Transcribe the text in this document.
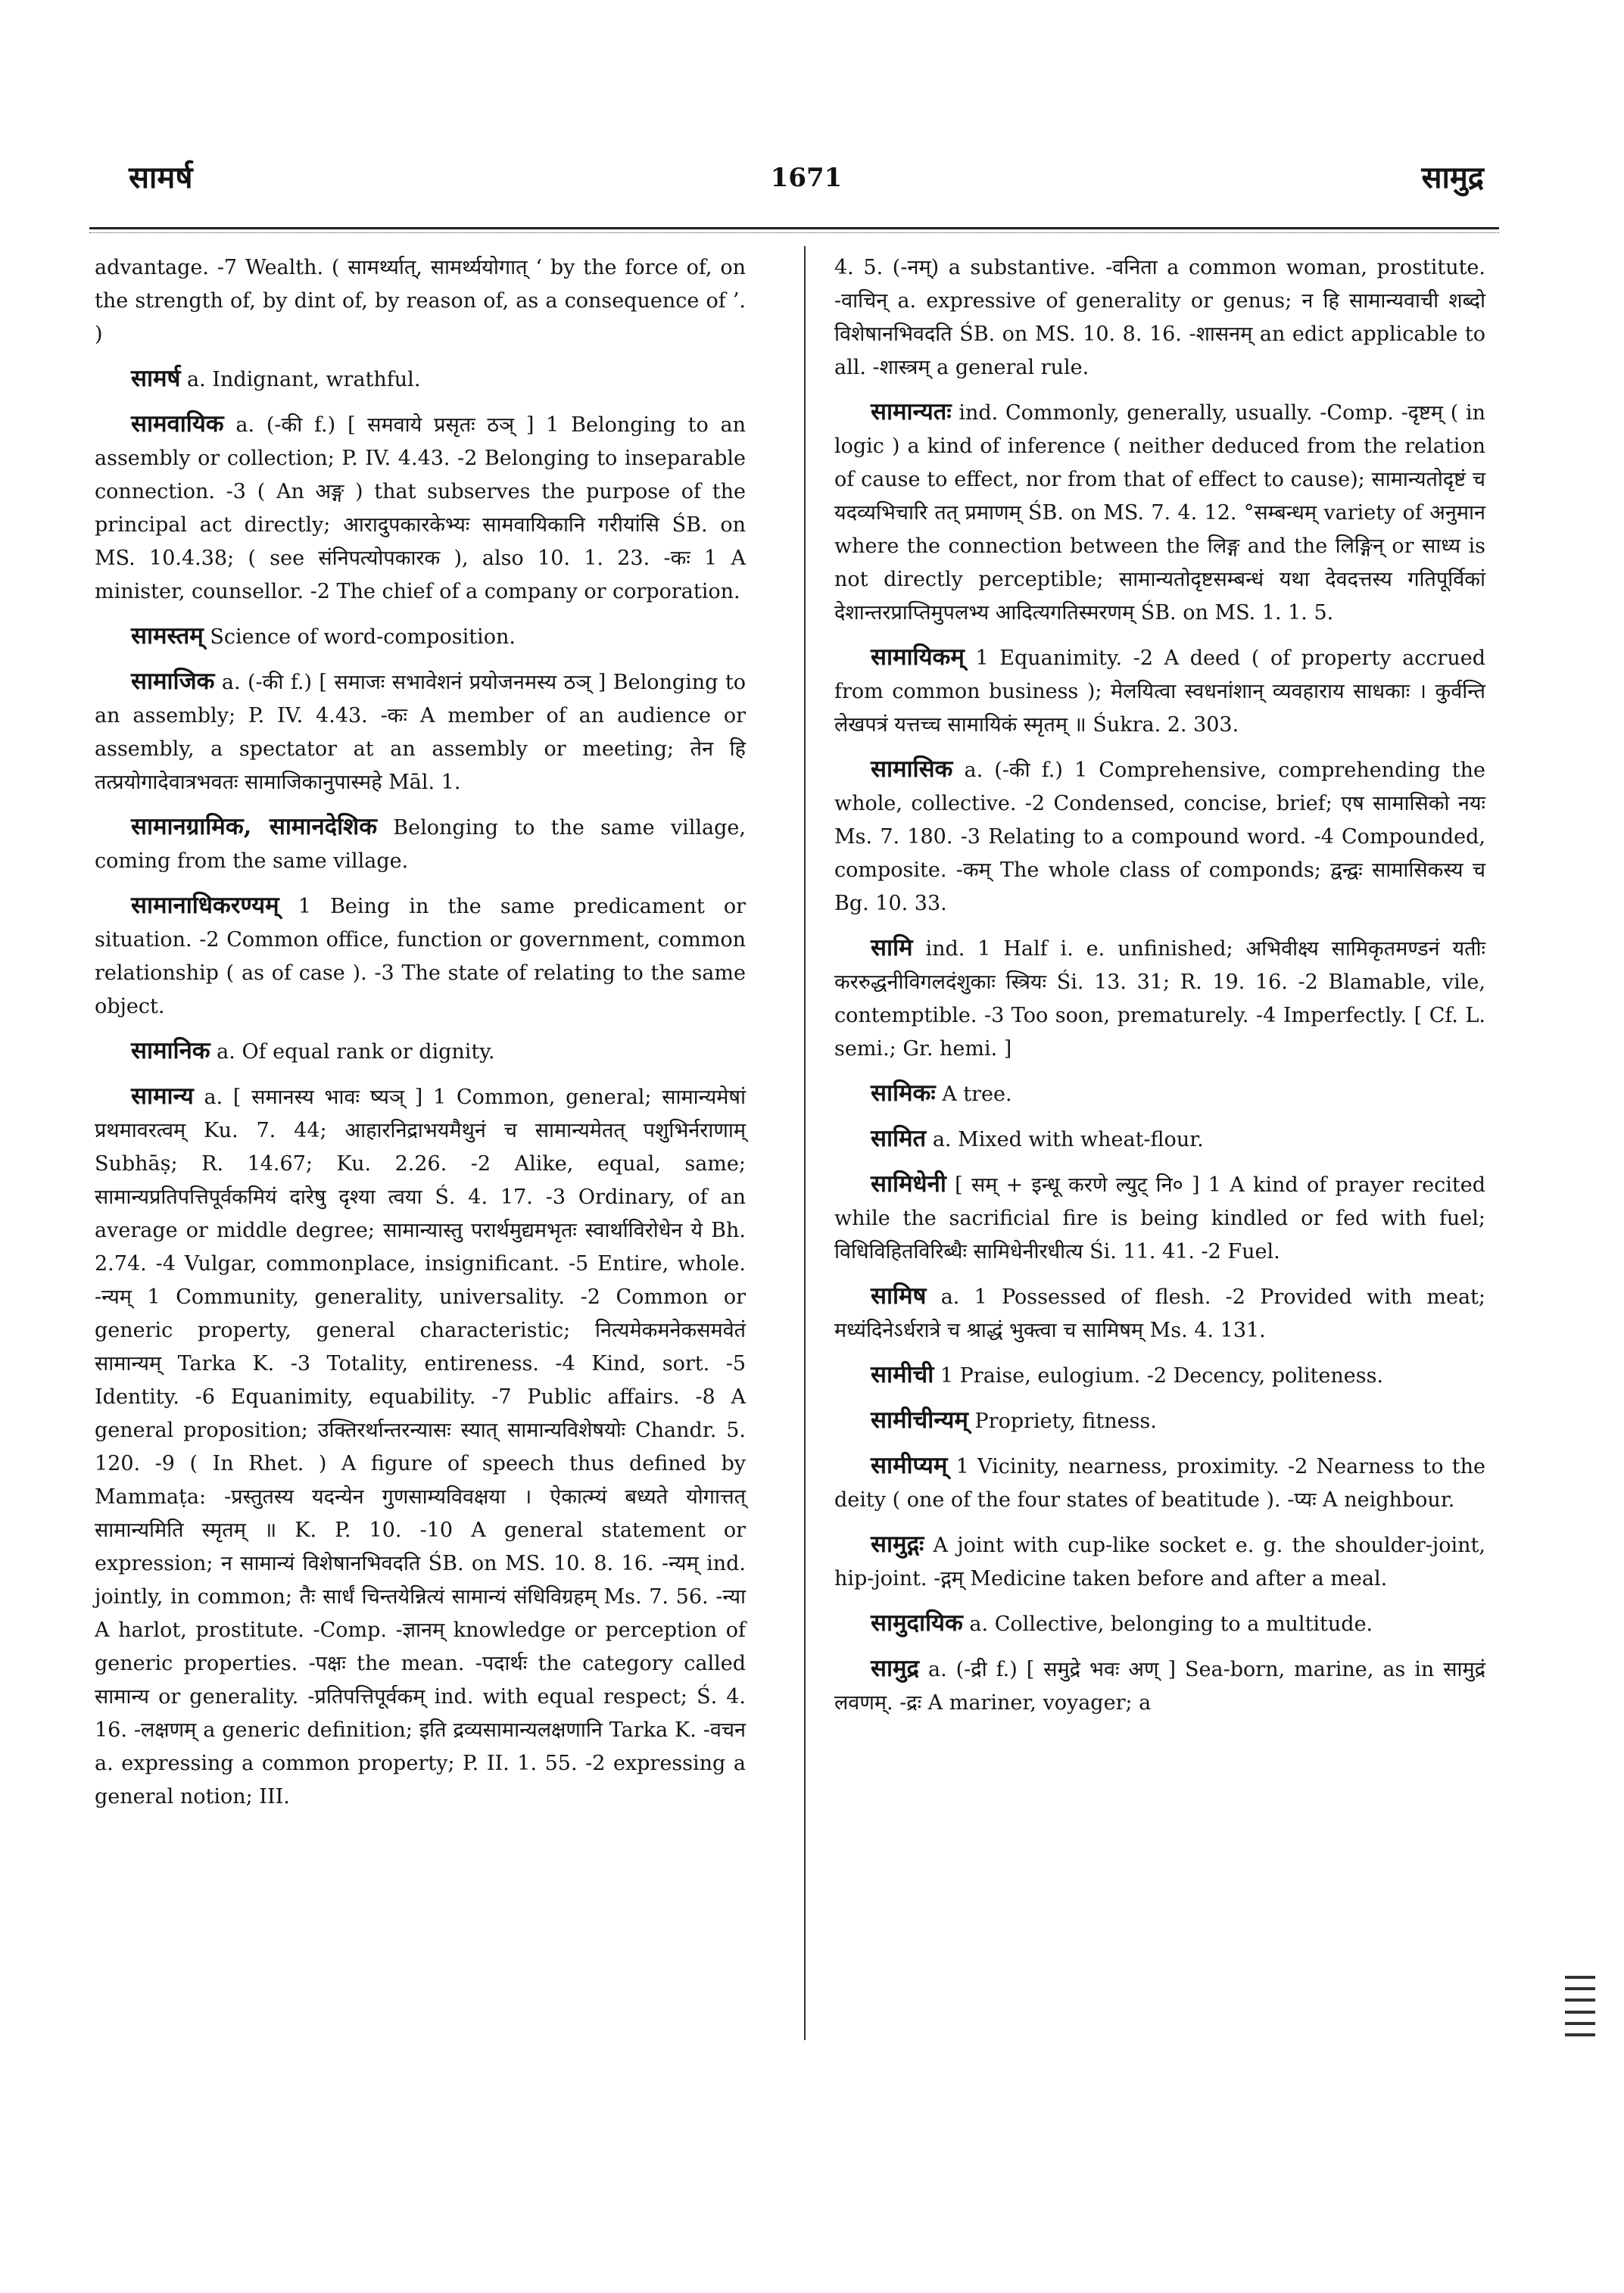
सामर्ष	1671	सामुद्र

advantage. -7 Wealth. ( सामर्थ्यात्, सामर्थ्ययोगात् ‘ by the force of, on the strength of, by dint of, by reason of, as a consequence of ’. )

सामर्ष a. Indignant, wrathful.

सामवायिक a. (-की f.) [ समवाये प्रसृतः ठञ् ] 1 Belonging to an assembly or collection; P. IV. 4.43. -2 Belonging to inseparable connection. -3 ( An अङ्ग ) that subserves the purpose of the principal act directly; आरादुपकारकेभ्यः सामवायिकानि गरीयांसि ŚB. on MS. 10.4.38; ( see संनिपत्योपकारक ), also 10. 1. 23. -कः 1 A minister, counsellor. -2 The chief of a company or corporation.

सामस्तम् Science of word-composition.

सामाजिक a. (-की f.) [ समाजः सभावेशनं प्रयोजनमस्य ठञ् ] Belonging to an assembly; P. IV. 4.43. -कः A member of an audience or assembly, a spectator at an assembly or meeting; तेन हि तत्प्रयोगादेवात्रभवतः सामाजिकानुपास्महे Māl. 1.

सामानग्रामिक, सामानदेशिक Belonging to the same village, coming from the same village.

सामानाधिकरण्यम् 1 Being in the same predicament or situation. -2 Common office, function or government, common relationship ( as of case ). -3 The state of relating to the same object.

सामानिक a. Of equal rank or dignity.

सामान्य a. [ समानस्य भावः ष्यञ् ] 1 Common, general; सामान्यमेषां प्रथमावरत्वम् Ku. 7. 44; आहारनिद्राभयमैथुनं च सामान्यमेतत् पशुभिर्नराणाम् Subhāṣ; R. 14.67; Ku. 2.26. -2 Alike, equal, same; सामान्यप्रतिपत्तिपूर्वकमियं दारेषु दृश्या त्वया Ś. 4. 17. -3 Ordinary, of an average or middle degree; सामान्यास्तु परार्थमुद्यमभृतः स्वार्थाविरोधेन ये Bh. 2.74. -4 Vulgar, commonplace, insignificant. -5 Entire, whole. -न्यम् 1 Community, generality, universality. -2 Common or generic property, general characteristic; नित्यमेकमनेकसमवेतं सामान्यम् Tarka K. -3 Totality, entireness. -4 Kind, sort. -5 Identity. -6 Equanimity, equability. -7 Public affairs. -8 A general proposition; उक्तिरर्थान्तरन्यासः स्यात् सामान्यविशेषयोः Chandr. 5. 120. -9 ( In Rhet. ) A figure of speech thus defined by Mammaṭa: -प्रस्तुतस्य यदन्येन गुणसाम्यविवक्षया । ऐकात्म्यं बध्यते योगात्तत् सामान्यमिति स्मृतम् ॥ K. P. 10. -10 A general statement or expression; न सामान्यं विशेषानभिवदति ŚB. on MS. 10. 8. 16. -न्यम् ind. jointly, in common; तैः सार्धं चिन्तयेन्नित्यं सामान्यं संधिविग्रहम् Ms. 7. 56. -न्या A harlot, prostitute. -Comp. -ज्ञानम् knowledge or perception of generic properties. -पक्षः the mean. -पदार्थः the category called सामान्य or generality. -प्रतिपत्तिपूर्वकम् ind. with equal respect; Ś. 4. 16. -लक्षणम् a generic definition; इति द्रव्यसामान्यलक्षणानि Tarka K. -वचन a. expressing a common property; P. II. 1. 55. -2 expressing a general notion; III.

4. 5. (-नम्) a substantive. -वनिता a common woman, prostitute. -वाचिन् a. expressive of generality or genus; न हि सामान्यवाची शब्दो विशेषानभिवदति ŚB. on MS. 10. 8. 16. -शासनम् an edict applicable to all. -शास्त्रम् a general rule.

सामान्यतः ind. Commonly, generally, usually. -Comp. -दृष्टम् ( in logic ) a kind of inference ( neither deduced from the relation of cause to effect, nor from that of effect to cause); सामान्यतोदृष्टं च यदव्यभिचारि तत् प्रमाणम् ŚB. on MS. 7. 4. 12. °सम्बन्धम् variety of अनुमान where the connection between the लिङ्ग and the लिङ्गिन् or साध्य is not directly perceptible; सामान्यतोदृष्टसम्बन्धं यथा देवदत्तस्य गतिपूर्विकां देशान्तरप्राप्तिमुपलभ्य आदित्यगतिस्मरणम् ŚB. on MS. 1. 1. 5.

सामायिकम् 1 Equanimity. -2 A deed ( of property accrued from common business ); मेलयित्वा स्वधनांशान् व्यवहाराय साधकाः । कुर्वन्ति लेखपत्रं यत्तच्च सामायिकं स्मृतम् ॥ Śukra. 2. 303.

सामासिक a. (-की f.) 1 Comprehensive, comprehending the whole, collective. -2 Condensed, concise, brief; एष सामासिको नयः Ms. 7. 180. -3 Relating to a compound word. -4 Compounded, composite. -कम् The whole class of componds; द्वन्द्वः सामासिकस्य च Bg. 10. 33.

सामि ind. 1 Half i. e. unfinished; अभिवीक्ष्य सामिकृतमण्डनं यतीः कररुद्धनीविगलदंशुकाः स्त्रियः Śi. 13. 31; R. 19. 16. -2 Blamable, vile, contemptible. -3 Too soon, prematurely. -4 Imperfectly. [ Cf. L. semi.; Gr. hemi. ]

सामिकः A tree.

सामित a. Mixed with wheat-flour.

सामिधेनी [ सम् + इन्धू करणे ल्युट् नि० ] 1 A kind of prayer recited while the sacrificial fire is being kindled or fed with fuel; विधिविहितविरिब्धैः सामिधेनीरधीत्य Śi. 11. 41. -2 Fuel.

सामिष a. 1 Possessed of flesh. -2 Provided with meat; मध्यंदिनेऽर्धरात्रे च श्राद्धं भुक्त्वा च सामिषम् Ms. 4. 131.

सामीची 1 Praise, eulogium. -2 Decency, politeness.

सामीचीन्यम् Propriety, fitness.

सामीप्यम् 1 Vicinity, nearness, proximity. -2 Nearness to the deity ( one of the four states of beatitude ). -प्यः A neighbour.

सामुद्गः A joint with cup-like socket e. g. the shoulder-joint, hip-joint. -द्गम् Medicine taken before and after a meal.

सामुदायिक a. Collective, belonging to a multitude.

सामुद्र a. (-द्री f.) [ समुद्रे भवः अण् ] Sea-born, marine, as in सामुद्रं लवणम्. -द्रः A mariner, voyager; a
